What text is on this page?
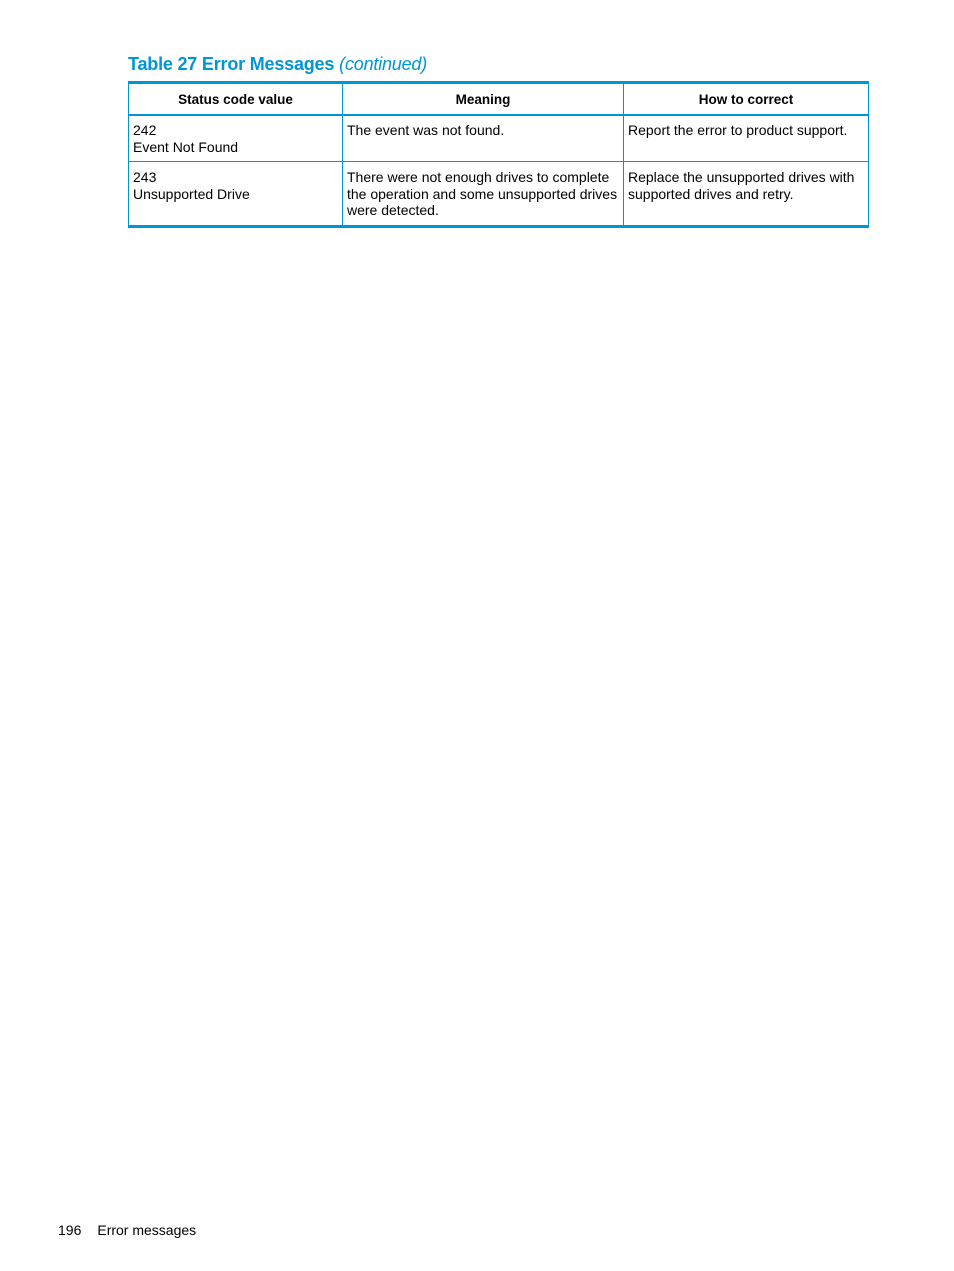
Table 27 Error Messages (continued)
Status code value	Meaning	How to correct

242
Event Not Found	The event was not found.	Report the error to product support.

243
Unsupported Drive	There were not enough drives to complete the operation and some unsupported drives were detected.	Replace the unsupported drives with supported drives and retry.
196 Error messages
